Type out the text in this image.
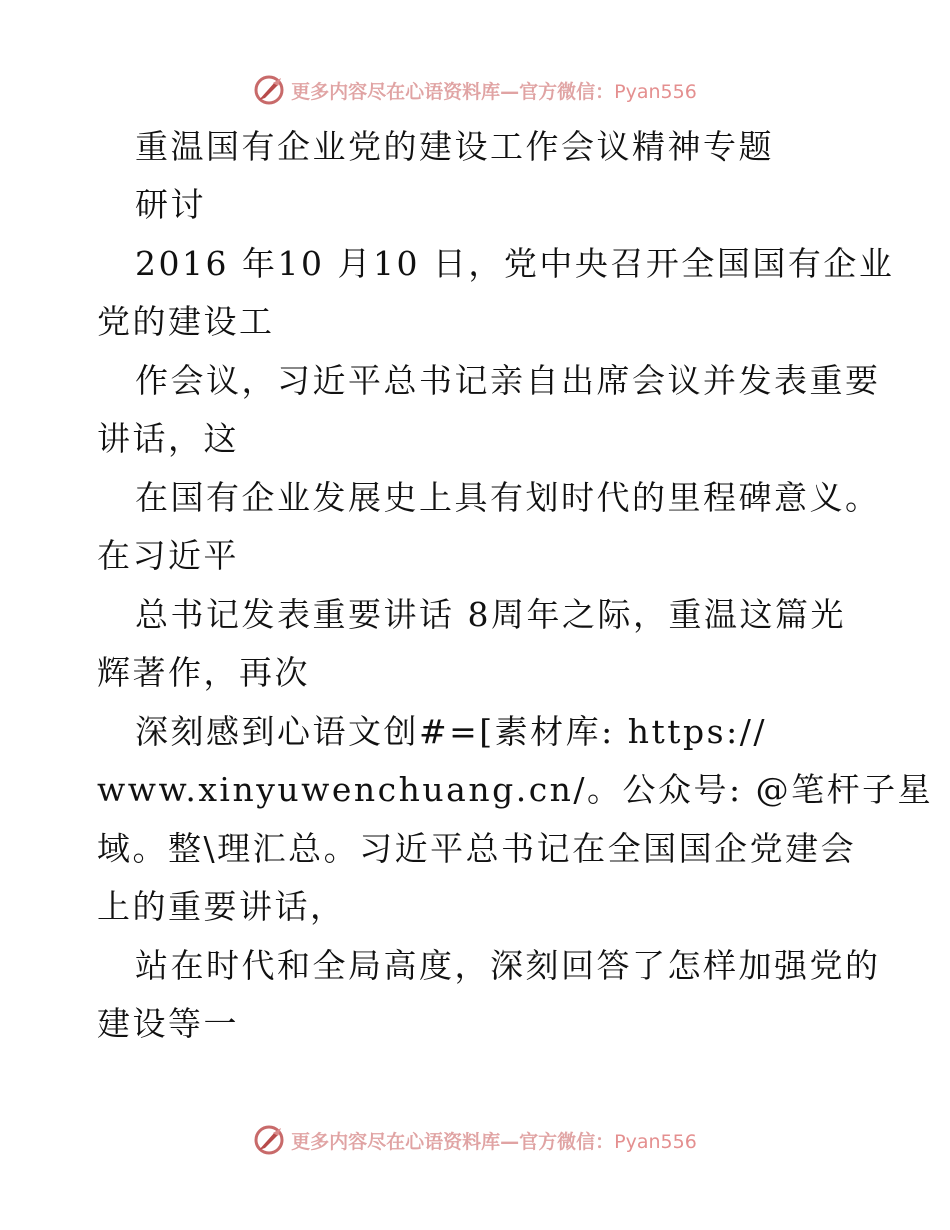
更多内容尽在心语资料库—官方微信：Pyan556
重温国有企业党的建设工作会议精神专题
研讨
2016 年10 月10 日，党中央召开全国国有企业
党的建设工
作会议，习近平总书记亲自出席会议并发表重要
讲话，这
在国有企业发展史上具有划时代的里程碑意义。
在习近平
总书记发表重要讲话 8周年之际，重温这篇光
辉著作，再次
深刻感到心语文创#=[素材库: https://
www.xinyuwenchuang.cn/。公众号: @笔杆子星
域。整\理汇总。习近平总书记在全国国企党建会
上的重要讲话，
站在时代和全局高度，深刻回答了怎样加强党的
建设等一
更多内容尽在心语资料库—官方微信：Pyan556
